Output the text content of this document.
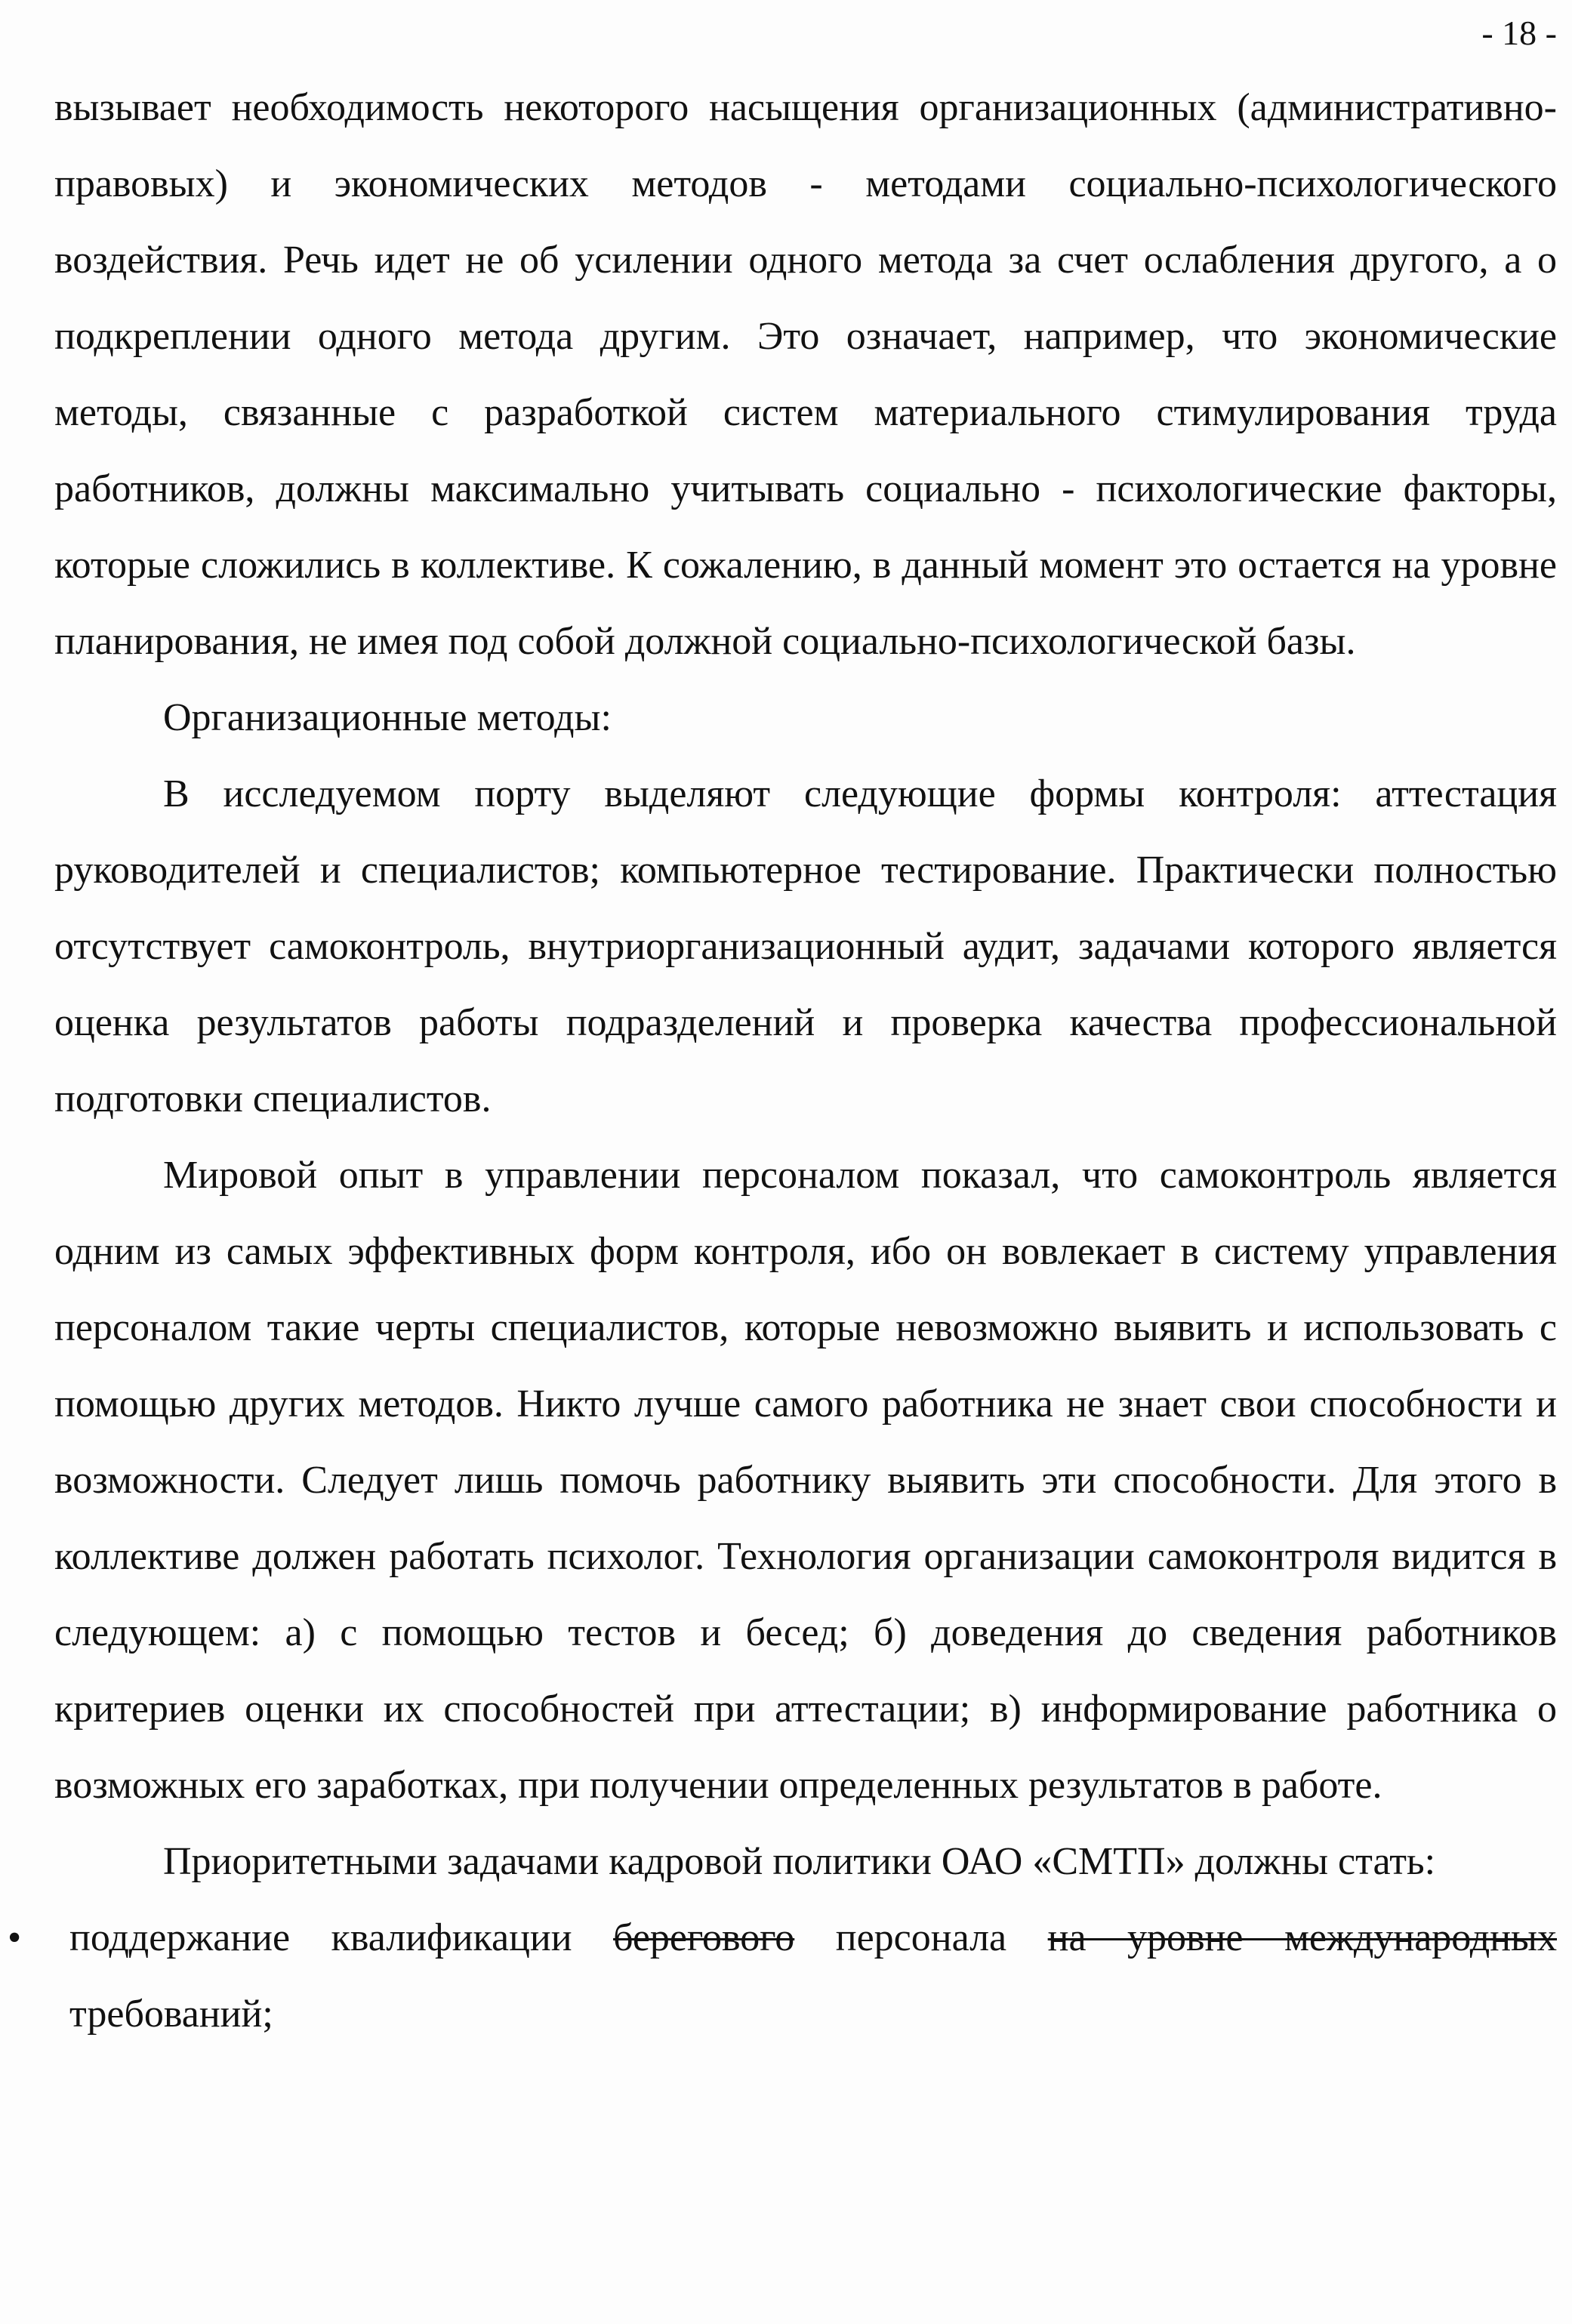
- 18 -

вызывает необходимость некоторого насыщения организационных (административно-правовых) и экономических методов - методами социально-психологического воздействия. Речь идет не об усилении одного метода за счет ослабления другого, а о подкреплении одного метода другим. Это означает, например, что экономические методы, связанные с разработкой систем материального стимулирования труда работников, должны максимально учитывать социально - психологические факторы, которые сложились в коллективе. К сожалению, в данный момент это остается на уровне планирования, не имея под собой должной социально-психологической базы.

Организационные методы:

В исследуемом порту выделяют следующие формы контроля: аттестация руководителей и специалистов; компьютерное тестирование. Практически полностью отсутствует самоконтроль, внутриорганизационный аудит, задачами которого является оценка результатов работы подразделений и проверка качества профессиональной подготовки специалистов.

Мировой опыт в управлении персоналом показал, что самоконтроль является одним из самых эффективных форм контроля, ибо он вовлекает в систему управления персоналом такие черты специалистов, которые невозможно выявить и использовать с помощью других методов. Никто лучше самого работника не знает свои способности и возможности. Следует лишь помочь работнику выявить эти способности. Для этого в коллективе должен работать психолог. Технология организации самоконтроля видится в следующем: а) с помощью тестов и бесед; б) доведения до сведения работников критериев оценки их способностей при аттестации; в) информирование работника о возможных его заработках, при получении определенных результатов в работе.

Приоритетными задачами кадровой политики ОАО «СМТП» должны стать:

• поддержание квалификации берегового персонала на уровне международных требований;
